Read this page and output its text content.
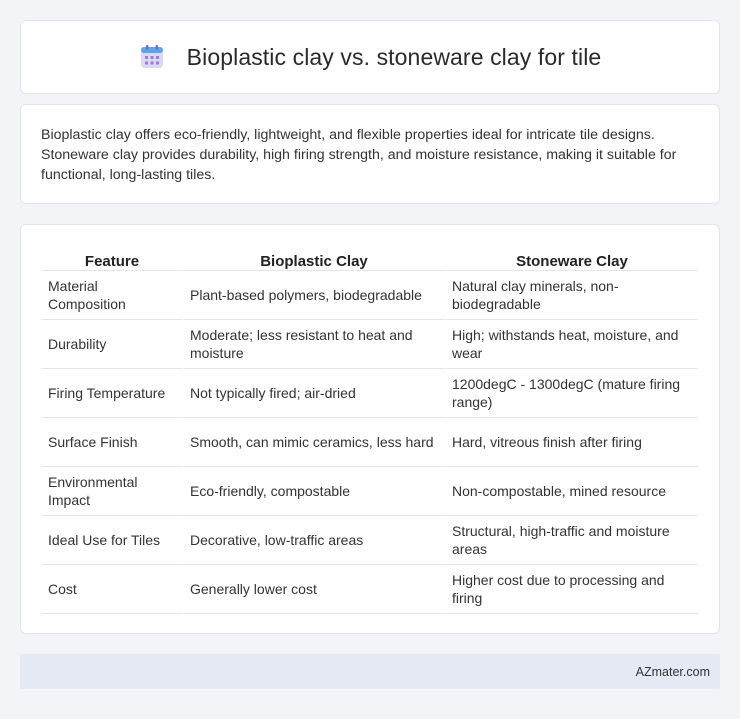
Bioplastic clay vs. stoneware clay for tile

Bioplastic clay offers eco-friendly, lightweight, and flexible properties ideal for intricate tile designs. Stoneware clay provides durability, high firing strength, and moisture resistance, making it suitable for functional, long-lasting tiles.

Feature	Bioplastic Clay	Stoneware Clay
Material Composition	Plant-based polymers, biodegradable	Natural clay minerals, non-biodegradable
Durability	Moderate; less resistant to heat and moisture	High; withstands heat, moisture, and wear
Firing Temperature	Not typically fired; air-dried	1200degC - 1300degC (mature firing range)
Surface Finish	Smooth, can mimic ceramics, less hard	Hard, vitreous finish after firing
Environmental Impact	Eco-friendly, compostable	Non-compostable, mined resource
Ideal Use for Tiles	Decorative, low-traffic areas	Structural, high-traffic and moisture areas
Cost	Generally lower cost	Higher cost due to processing and firing
AZmater.com
